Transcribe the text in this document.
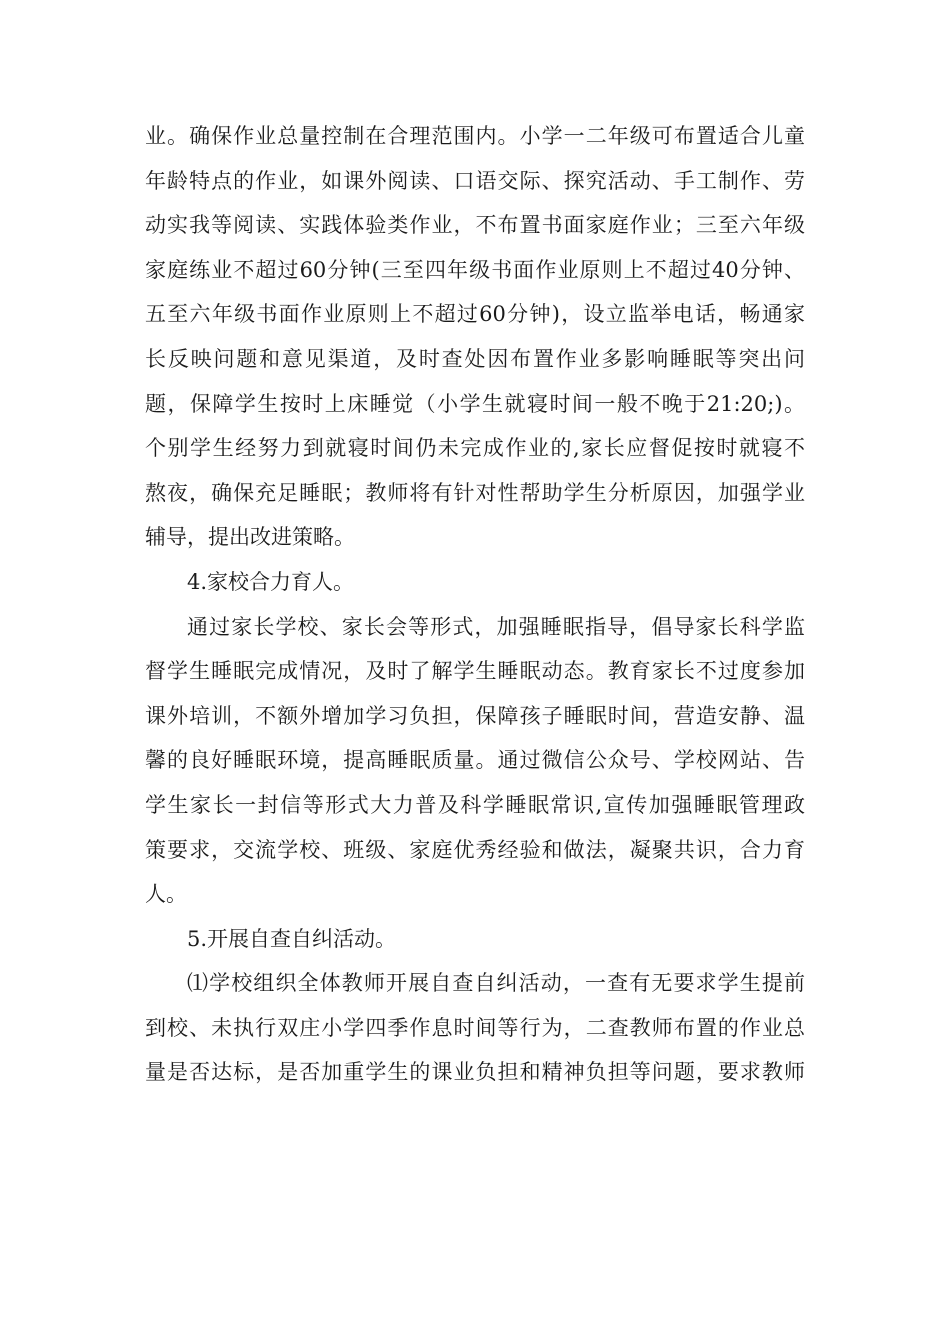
业。确保作业总量控制在合理范围内。小学一二年级可布置适合儿童
年龄特点的作业，如课外阅读、口语交际、探究活动、手工制作、劳
动实我等阅读、实践体验类作业，不布置书面家庭作业；三至六年级
家庭练业不超过60分钟(三至四年级书面作业原则上不超过40分钟、
五至六年级书面作业原则上不超过60分钟)，设立监举电话，畅通家
长反映问题和意见渠道，及时查处因布置作业多影响睡眠等突出问
题，保障学生按时上床睡觉（小学生就寝时间一般不晚于21:20;)。
个别学生经努力到就寝时间仍未完成作业的,家长应督促按时就寝不
熬夜，确保充足睡眠；教师将有针对性帮助学生分析原因，加强学业
辅导，提出改进策略。
4.家校合力育人。
通过家长学校、家长会等形式，加强睡眠指导，倡导家长科学监
督学生睡眠完成情况，及时了解学生睡眠动态。教育家长不过度参加
课外培训，不额外增加学习负担，保障孩子睡眠时间，营造安静、温
馨的良好睡眠环境，提高睡眠质量。通过微信公众号、学校网站、告
学生家长一封信等形式大力普及科学睡眠常识,宣传加强睡眠管理政
策要求，交流学校、班级、家庭优秀经验和做法，凝聚共识，合力育
人。
5.开展自查自纠活动。
⑴学校组织全体教师开展自查自纠活动，一查有无要求学生提前
到校、未执行双庄小学四季作息时间等行为，二查教师布置的作业总
量是否达标，是否加重学生的课业负担和精神负担等问题，要求教师
